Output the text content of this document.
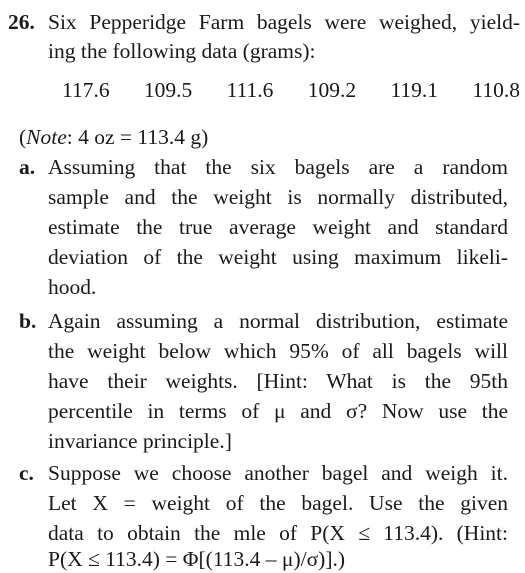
26. Six Pepperidge Farm bagels were weighed, yield-
ing the following data (grams):
117.6 109.5 111.6 109.2 119.1 110.8
(Note: 4 oz = 113.4 g)
a. Assuming that the six bagels are a random
sample and the weight is normally distributed,
estimate the true average weight and standard
deviation of the weight using maximum likeli-
hood.
b. Again assuming a normal distribution, estimate
the weight below which 95% of all bagels will
have their weights. [Hint: What is the 95th
percentile in terms of μ and σ? Now use the
invariance principle.]
c. Suppose we choose another bagel and weigh it.
Let X = weight of the bagel. Use the given
data to obtain the mle of P(X ≤ 113.4). (Hint:
P(X ≤ 113.4) = Φ[(113.4 – μ)/σ)].)
